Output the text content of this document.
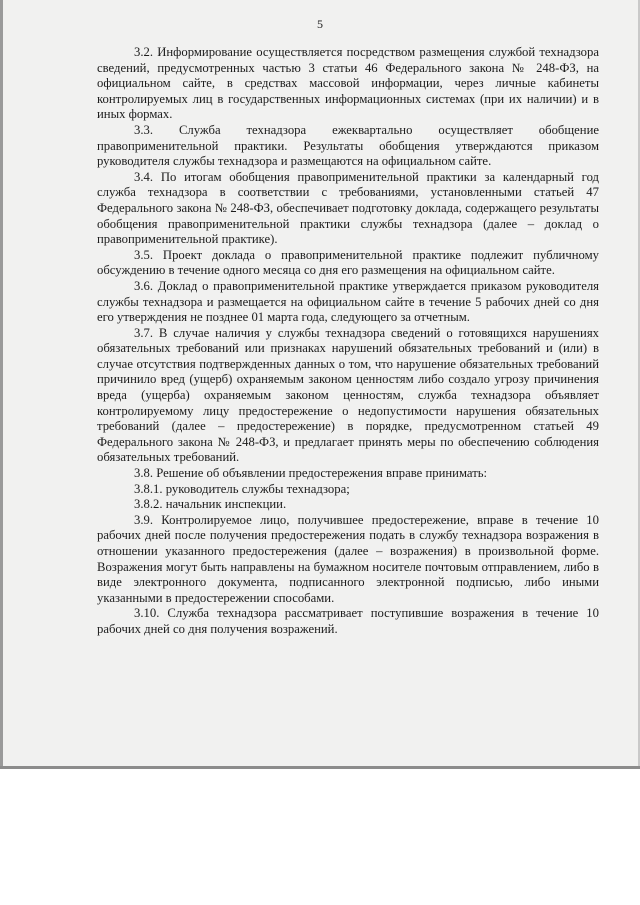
5

3.2. Информирование осуществляется посредством размещения службой технадзора сведений, предусмотренных частью 3 статьи 46 Федерального закона № 248-ФЗ, на официальном сайте, в средствах массовой информации, через личные кабинеты контролируемых лиц в государственных информационных системах (при их наличии) и в иных формах.

3.3. Служба технадзора ежеквартально осуществляет обобщение правоприменительной практики. Результаты обобщения утверждаются приказом руководителя службы технадзора и размещаются на официальном сайте.

3.4. По итогам обобщения правоприменительной практики за календарный год служба технадзора в соответствии с требованиями, установленными статьей 47 Федерального закона № 248-ФЗ, обеспечивает подготовку доклада, содержащего результаты обобщения правоприменительной практики службы технадзора (далее – доклад о правоприменительной практике).

3.5. Проект доклада о правоприменительной практике подлежит публичному обсуждению в течение одного месяца со дня его размещения на официальном сайте.

3.6. Доклад о правоприменительной практике утверждается приказом руководителя службы технадзора и размещается на официальном сайте в течение 5 рабочих дней со дня его утверждения не позднее 01 марта года, следующего за отчетным.

3.7. В случае наличия у службы технадзора сведений о готовящихся нарушениях обязательных требований или признаках нарушений обязательных требований и (или) в случае отсутствия подтвержденных данных о том, что нарушение обязательных требований причинило вред (ущерб) охраняемым законом ценностям либо создало угрозу причинения вреда (ущерба) охраняемым законом ценностям, служба технадзора объявляет контролируемому лицу предостережение о недопустимости нарушения обязательных требований (далее – предостережение) в порядке, предусмотренном статьей 49 Федерального закона № 248-ФЗ, и предлагает принять меры по обеспечению соблюдения обязательных требований.

3.8. Решение об объявлении предостережения вправе принимать:

3.8.1. руководитель службы технадзора;

3.8.2. начальник инспекции.

3.9. Контролируемое лицо, получившее предостережение, вправе в течение 10 рабочих дней после получения предостережения подать в службу технадзора возражения в отношении указанного предостережения (далее – возражения) в произвольной форме. Возражения могут быть направлены на бумажном носителе почтовым отправлением, либо в виде электронного документа, подписанного электронной подписью, либо иными указанными в предостережении способами.

3.10. Служба технадзора рассматривает поступившие возражения в течение 10 рабочих дней со дня получения возражений.
